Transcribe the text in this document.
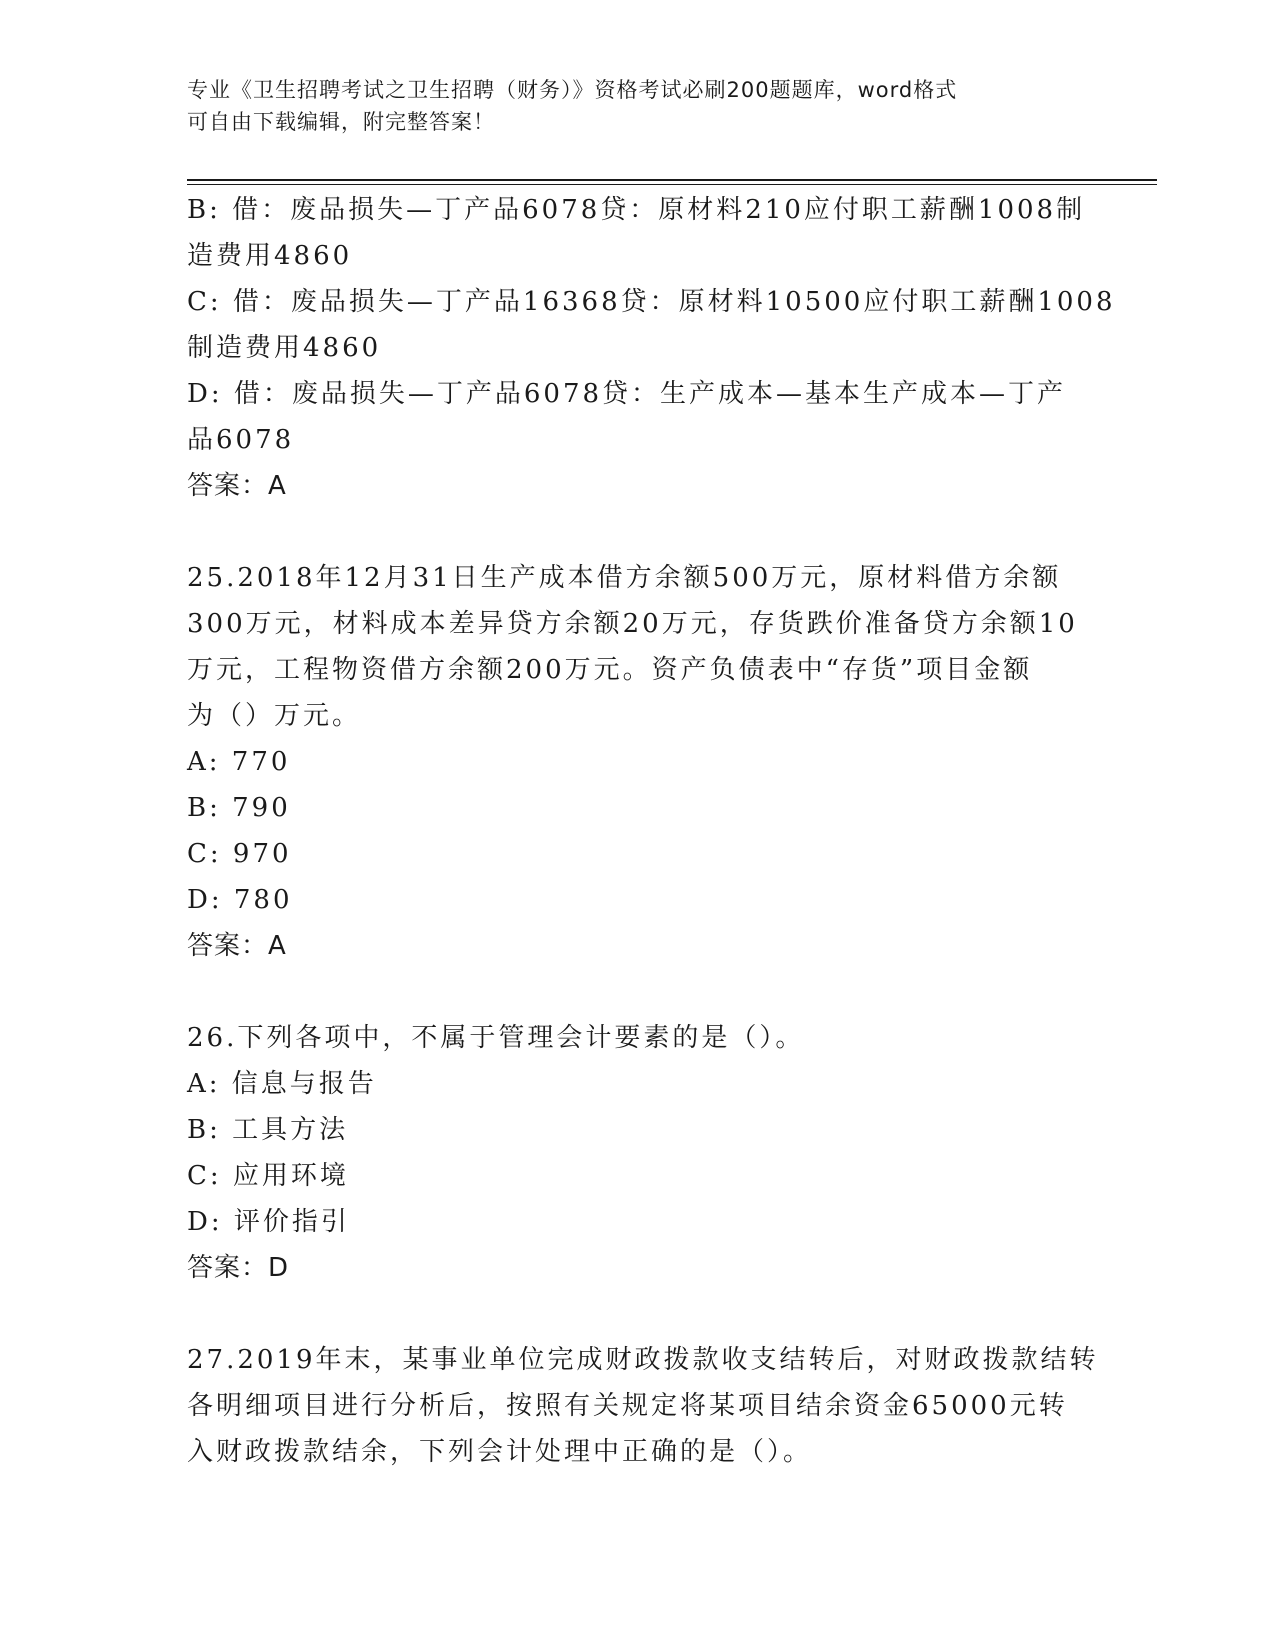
专业《卫生招聘考试之卫生招聘（财务）》资格考试必刷200题题库，word格式
可自由下载编辑，附完整答案！

B: 借：废品损失—丁产品6078贷：原材料210应付职工薪酬1008制

造费用4860

C: 借：废品损失—丁产品16368贷：原材料10500应付职工薪酬1008

制造费用4860

D: 借：废品损失—丁产品6078贷：生产成本—基本生产成本—丁产

品6078

答案：A

25.2018年12月31日生产成本借方余额500万元，原材料借方余额

300万元，材料成本差异贷方余额20万元，存货跌价准备贷方余额10

万元，工程物资借方余额200万元。资产负债表中“存货”项目金额

为（）万元。

A: 770

B: 790

C: 970

D: 780

答案：A

26.下列各项中，不属于管理会计要素的是（）。

A: 信息与报告

B: 工具方法

C: 应用环境

D: 评价指引

答案：D

27.2019年末，某事业单位完成财政拨款收支结转后，对财政拨款结转

各明细项目进行分析后，按照有关规定将某项目结余资金65000元转

入财政拨款结余，下列会计处理中正确的是（）。
